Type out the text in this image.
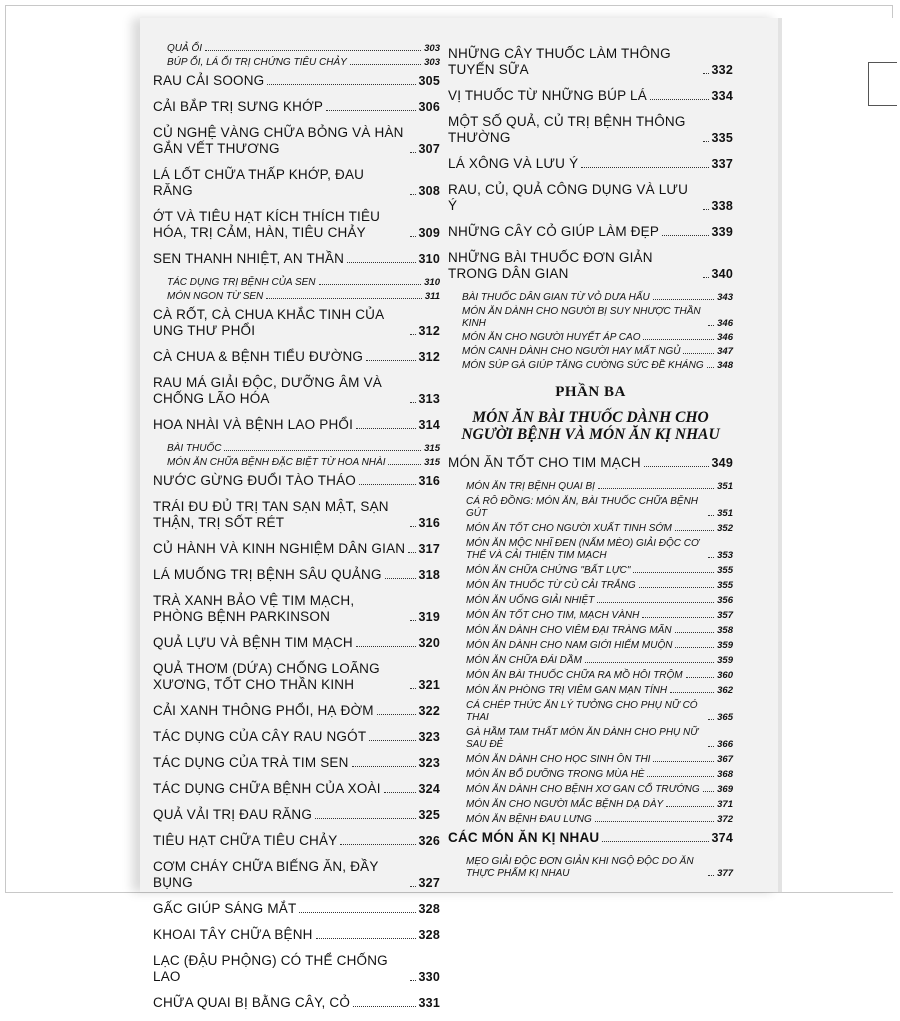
QUẢ ỔI	303
BÚP ỔI, LÁ ỔI TRỊ CHỨNG TIÊU CHẢY	303
RAU CẢI SOONG	305
CẢI BẮP TRỊ SƯNG KHỚP	306
CỦ NGHỆ VÀNG CHỮA BỎNG VÀ HÀN GẮN VẾT THƯƠNG	307
LÁ LỐT CHỮA THẤP KHỚP, ĐAU RĂNG	308
ỚT VÀ TIÊU HẠT KÍCH THÍCH TIÊU HÓA, TRỊ CẢM, HÀN, TIÊU CHẢY	309
SEN THANH NHIỆT, AN THẦN	310
TÁC DỤNG TRỊ BỆNH CỦA SEN	310
MÓN NGON TỪ SEN	311
CÀ RỐT, CÀ CHUA KHẮC TINH CỦA UNG THƯ PHỔI	312
CÀ CHUA & BỆNH TIỂU ĐƯỜNG	312
RAU MÁ GIẢI ĐỘC, DƯỠNG ÂM VÀ CHỐNG LÃO HÓA	313
HOA NHÀI VÀ BỆNH LAO PHỔI	314
BÀI THUỐC	315
MÓN ĂN CHỮA BỆNH ĐẶC BIỆT TỪ HOA NHÀI	315
NƯỚC GỪNG ĐUỔI TÀO THÁO	316
TRÁI ĐU ĐỦ TRỊ TAN SẠN MẬT, SẠN THẬN, TRỊ SỐT RÉT	316
CỦ HÀNH VÀ KINH NGHIỆM DÂN GIAN 317
LÁ MUỐNG TRỊ BỆNH SÂU QUẢNG	318
TRÀ XANH BẢO VỆ TIM MẠCH, PHÒNG BỆNH PARKINSON	319
QUẢ LỰU VÀ BỆNH TIM MẠCH	320
QUẢ THƠM (DỨA) CHỐNG LOÃNG XƯƠNG, TỐT CHO THẦN KINH	321
CẢI XANH THÔNG PHỔI, HẠ ĐỜM	322
TÁC DỤNG CỦA CÂY RAU NGÓT	323
TÁC DỤNG CỦA TRÀ TIM SEN	323
TÁC DỤNG CHỮA BỆNH CỦA XOÀI	324
QUẢ VẢI TRỊ ĐAU RĂNG	325
TIÊU HẠT CHỮA TIÊU CHẢY	326
CƠM CHÁY CHỮA BIẾNG ĂN, ĐẦY BỤNG	327
GẤC GIÚP SÁNG MẮT	328
KHOAI TÂY CHỮA BỆNH	328
LẠC (ĐẬU PHỘNG) CÓ THỂ CHỐNG LAO	330
CHỮA QUAI BỊ BẰNG CÂY, CỎ	331
NHỮNG CÂY THUỐC LÀM THÔNG TUYẾN SỮA	332
VỊ THUỐC TỪ NHỮNG BÚP LÁ	334
MỘT SỐ QUẢ, CỦ TRỊ BỆNH THÔNG THƯỜNG	335
LÁ XÔNG VÀ LƯU Ý	337
RAU, CỦ, QUẢ CÔNG DỤNG VÀ LƯU Ý	338
NHỮNG CÂY CỎ GIÚP LÀM ĐẸP	339
NHỮNG BÀI THUỐC ĐƠN GIẢN TRONG DÂN GIAN	340
BÀI THUỐC DÂN GIAN TỪ VỎ DƯA HẤU	343
MÓN ĂN DÀNH CHO NGƯỜI BỊ SUY NHƯỢC THẦN KINH	346
MÓN ĂN CHO NGƯỜI HUYẾT ÁP CAO	346
MÓN CANH DÀNH CHO NGƯỜI HAY MẤT NGỦ	347
MÓN SÚP GÀ GIÚP TĂNG CƯỜNG SỨC ĐỀ KHÁNG 348
PHẦN BA
MÓN ĂN BÀI THUỐC DÀNH CHO NGƯỜI BỆNH VÀ MÓN ĂN KỊ NHAU
MÓN ĂN TỐT CHO TIM MẠCH	349
MÓN ĂN TRỊ BỆNH QUAI BỊ	351
CÁ RÔ ĐỒNG: MÓN ĂN, BÀI THUỐC CHỮA BỆNH GÚT	351
MÓN ĂN TỐT CHO NGƯỜI XUẤT TINH SỚM	352
MÓN ĂN MỘC NHĨ ĐEN (NẤM MÈO) GIẢI ĐỘC CƠ THỂ VÀ CẢI THIỆN TIM MẠCH	353
MÓN ĂN CHỮA CHỨNG "BẤT LỰC"	355
MÓN ĂN THUỐC TỪ CỦ CẢI TRẮNG	355
MÓN ĂN UỐNG GIẢI NHIỆT	356
MÓN ĂN TỐT CHO TIM, MẠCH VÀNH	357
MÓN ĂN DÀNH CHO VIÊM ĐẠI TRÀNG MÃN	358
MÓN ĂN DÀNH CHO NAM GIỚI HIẾM MUỘN	359
MÓN ĂN CHỮA ĐÁI DẦM	359
MÓN ĂN BÀI THUỐC CHỮA RA MỒ HÔI TRỘM	360
MÓN ĂN PHÒNG TRỊ VIÊM GAN MẠN TÍNH	362
CÁ CHÉP THỨC ĂN LÝ TƯỞNG CHO PHỤ NỮ CÓ THAI	365
GÀ HẦM TAM THẤT MÓN ĂN DÀNH CHO PHỤ NỮ SAU ĐẺ	366
MÓN ĂN DÀNH CHO HỌC SINH ÔN THI	367
MÓN ĂN BỔ DƯỠNG TRONG MÙA HÈ	368
MÓN ĂN DÀNH CHO BỆNH XƠ GAN CỔ TRƯỚNG 369
MÓN ĂN CHO NGƯỜI MẮC BỆNH DẠ DÀY	371
MÓN ĂN BỆNH ĐAU LƯNG	372
CÁC MÓN ĂN KỊ NHAU	374
MẸO GIẢI ĐỘC ĐƠN GIẢN KHI NGỘ ĐỘC DO ĂN THỰC PHẨM KỊ NHAU	377
